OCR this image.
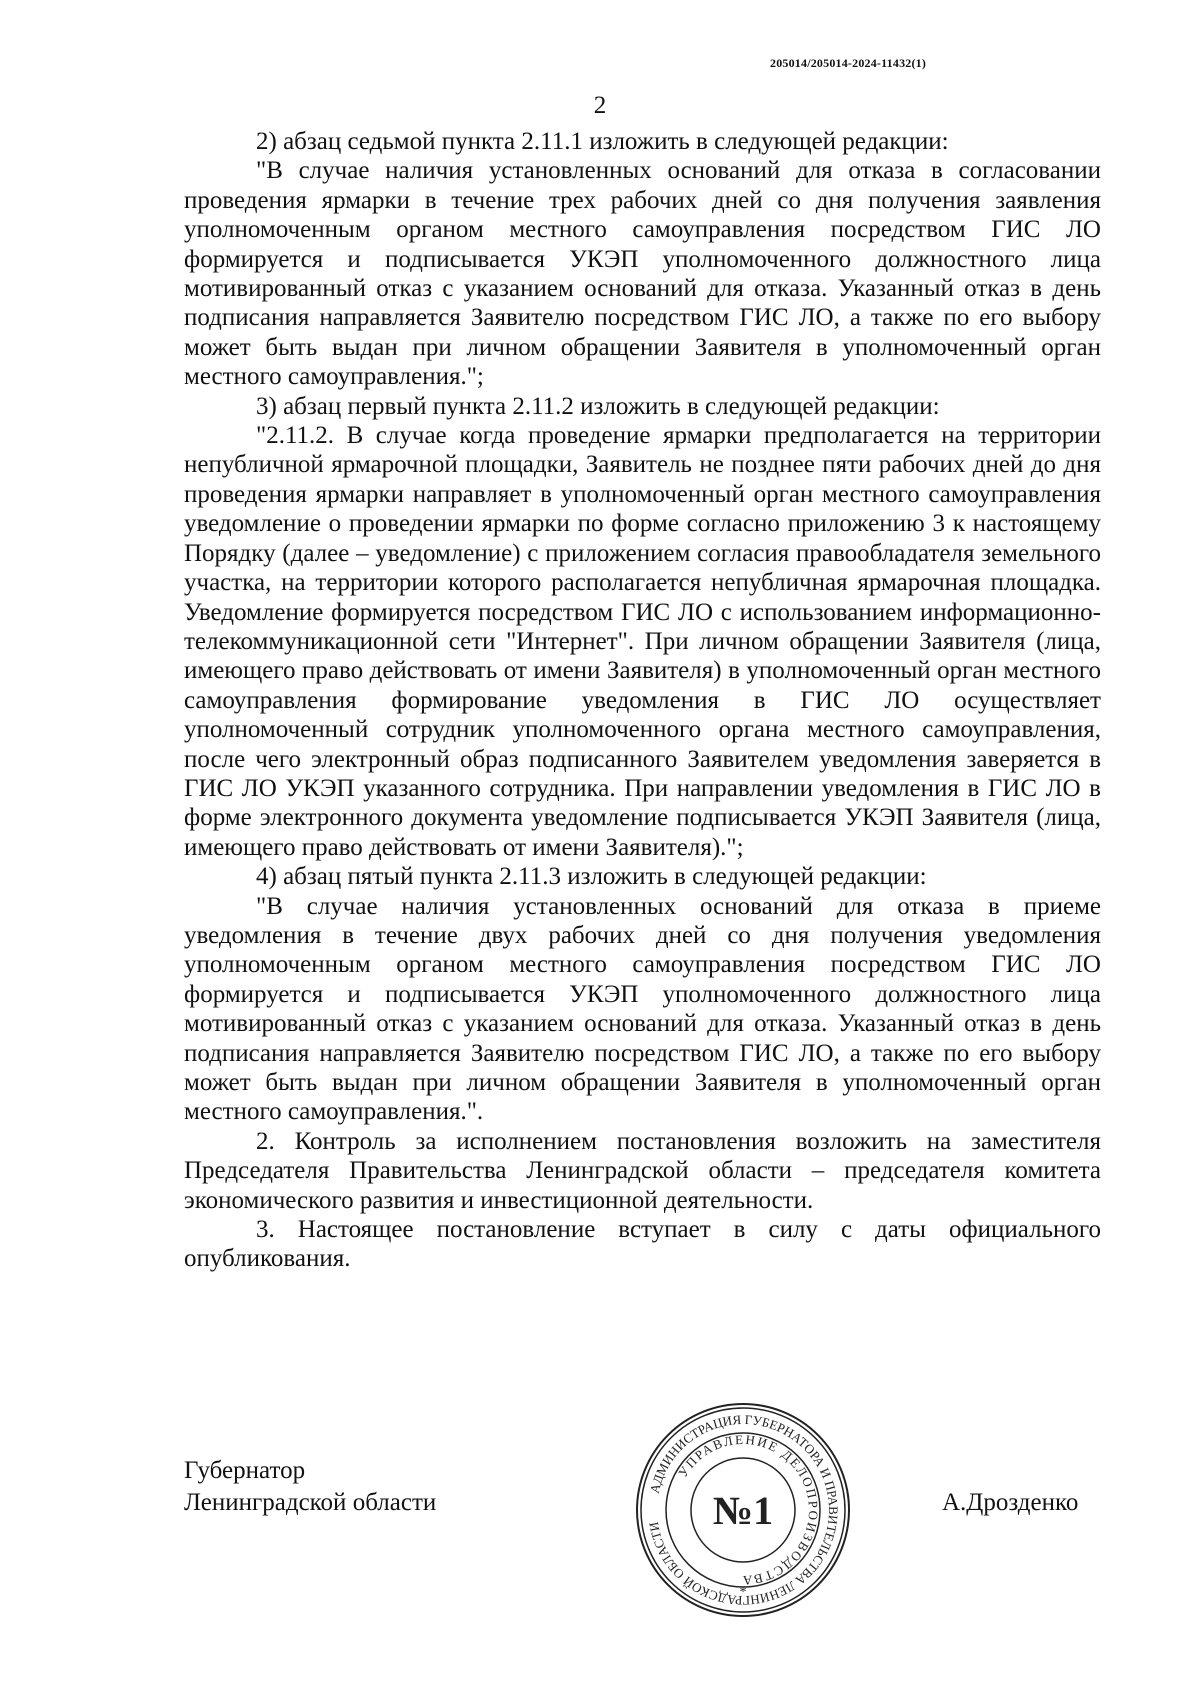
205014/205014-2024-11432(1)
2

2) абзац седьмой пункта 2.11.1 изложить в следующей редакции:

"В случае наличия установленных оснований для отказа в согласовании проведения ярмарки в течение трех рабочих дней со дня получения заявления уполномоченным органом местного самоуправления посредством ГИС ЛО формируется и подписывается УКЭП уполномоченного должностного лица мотивированный отказ с указанием оснований для отказа. Указанный отказ в день подписания направляется Заявителю посредством ГИС ЛО, а также по его выбору может быть выдан при личном обращении Заявителя в уполномоченный орган местного самоуправления.";

3) абзац первый пункта 2.11.2 изложить в следующей редакции:

"2.11.2. В случае когда проведение ярмарки предполагается на территории непубличной ярмарочной площадки, Заявитель не позднее пяти рабочих дней до дня проведения ярмарки направляет в уполномоченный орган местного самоуправления уведомление о проведении ярмарки по форме согласно приложению 3 к настоящему Порядку (далее – уведомление) с приложением согласия правообладателя земельного участка, на территории которого располагается непубличная ярмарочная площадка. Уведомление формируется посредством ГИС ЛО с использованием информационно-телекоммуникационной сети "Интернет". При личном обращении Заявителя (лица, имеющего право действовать от имени Заявителя) в уполномоченный орган местного самоуправления формирование уведомления в ГИС ЛО осуществляет уполномоченный сотрудник уполномоченного органа местного самоуправления, после чего электронный образ подписанного Заявителем уведомления заверяется в ГИС ЛО УКЭП указанного сотрудника. При направлении уведомления в ГИС ЛО в форме электронного документа уведомление подписывается УКЭП Заявителя (лица, имеющего право действовать от имени Заявителя).";

4) абзац пятый пункта 2.11.3 изложить в следующей редакции:

"В случае наличия установленных оснований для отказа в приеме уведомления в течение двух рабочих дней со дня получения уведомления уполномоченным органом местного самоуправления посредством ГИС ЛО формируется и подписывается УКЭП уполномоченного должностного лица мотивированный отказ с указанием оснований для отказа. Указанный отказ в день подписания направляется Заявителю посредством ГИС ЛО, а также по его выбору может быть выдан при личном обращении Заявителя в уполномоченный орган местного самоуправления.".

2. Контроль за исполнением постановления возложить на заместителя Председателя Правительства Ленинградской области – председателя комитета экономического развития и инвестиционной деятельности.

3. Настоящее постановление вступает в силу с даты официального опубликования.

Губернатор
Ленинградской области	А.Дрозденко
АДМИНИСТРАЦИЯ ГУБЕРНАТОРА И ПРАВИТЕЛЬСТВА ЛЕНИНГРАДСКОЙ ОБЛАСТИ
УПРАВЛЕНИЕ ДЕЛОПРОИЗВОДСТВА
№1
*
